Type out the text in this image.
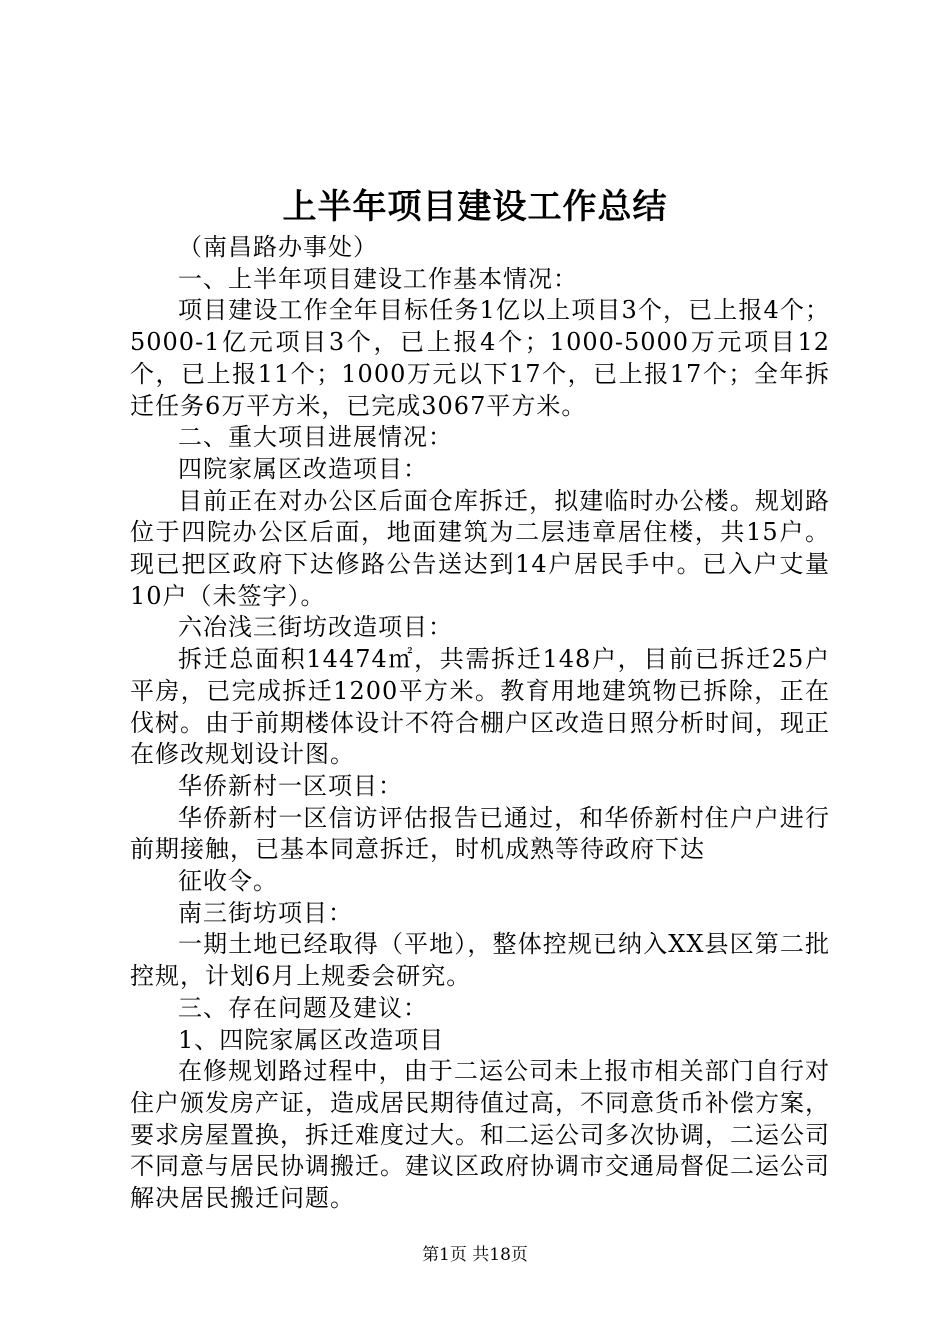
上半年项目建设工作总结

（南昌路办事处）

一、上半年项目建设工作基本情况：

项目建设工作全年目标任务1亿以上项目3个，已上报4个；5000-1亿元项目3个，已上报4个；1000-5000万元项目12个，已上报11个；1000万元以下17个，已上报17个；全年拆迁任务6万平方米，已完成3067平方米。

二、重大项目进展情况：

四院家属区改造项目：

目前正在对办公区后面仓库拆迁，拟建临时办公楼。规划路位于四院办公区后面，地面建筑为二层违章居住楼，共15户。现已把区政府下达修路公告送达到14户居民手中。已入户丈量10户（未签字）。

六冶浅三街坊改造项目：

拆迁总面积14474㎡，共需拆迁148户，目前已拆迁25户平房，已完成拆迁1200平方米。教育用地建筑物已拆除，正在伐树。由于前期楼体设计不符合棚户区改造日照分析时间，现正在修改规划设计图。

华侨新村一区项目：

华侨新村一区信访评估报告已通过，和华侨新村住户户进行前期接触，已基本同意拆迁，时机成熟等待政府下达

征收令。

南三街坊项目：

一期土地已经取得（平地），整体控规已纳入XX县区第二批控规，计划6月上规委会研究。

三、存在问题及建议：

1、四院家属区改造项目

在修规划路过程中，由于二运公司未上报市相关部门自行对住户颁发房产证，造成居民期待值过高，不同意货币补偿方案，要求房屋置换，拆迁难度过大。和二运公司多次协调，二运公司不同意与居民协调搬迁。建议区政府协调市交通局督促二运公司解决居民搬迁问题。

第1页 共18页
